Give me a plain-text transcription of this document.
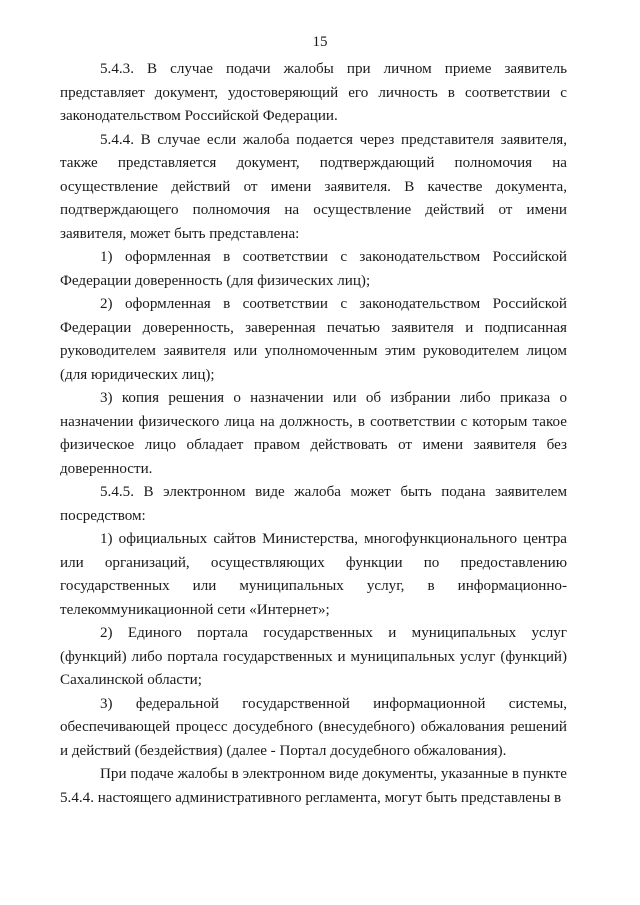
15

5.4.3. В случае подачи жалобы при личном приеме заявитель представляет документ, удостоверяющий его личность в соответствии с законодательством Российской Федерации.

5.4.4. В случае если жалоба подается через представителя заявителя, также представляется документ, подтверждающий полномочия на осуществление действий от имени заявителя. В качестве документа, подтверждающего полномочия на осуществление действий от имени заявителя, может быть представлена:

1) оформленная в соответствии с законодательством Российской Федерации доверенность (для физических лиц);

2) оформленная в соответствии с законодательством Российской Федерации доверенность, заверенная печатью заявителя и подписанная руководителем заявителя или уполномоченным этим руководителем лицом (для юридических лиц);

3) копия решения о назначении или об избрании либо приказа о назначении физического лица на должность, в соответствии с которым такое физическое лицо обладает правом действовать от имени заявителя без доверенности.

5.4.5. В электронном виде жалоба может быть подана заявителем посредством:

1) официальных сайтов Министерства, многофункционального центра или организаций, осуществляющих функции по предоставлению государственных или муниципальных услуг, в информационно-телекоммуникационной сети «Интернет»;

2) Единого портала государственных и муниципальных услуг (функций) либо портала государственных и муниципальных услуг (функций) Сахалинской области;

3) федеральной государственной информационной системы, обеспечивающей процесс досудебного (внесудебного) обжалования решений и действий (бездействия) (далее - Портал досудебного обжалования).

При подаче жалобы в электронном виде документы, указанные в пункте 5.4.4. настоящего административного регламента, могут быть представлены в
